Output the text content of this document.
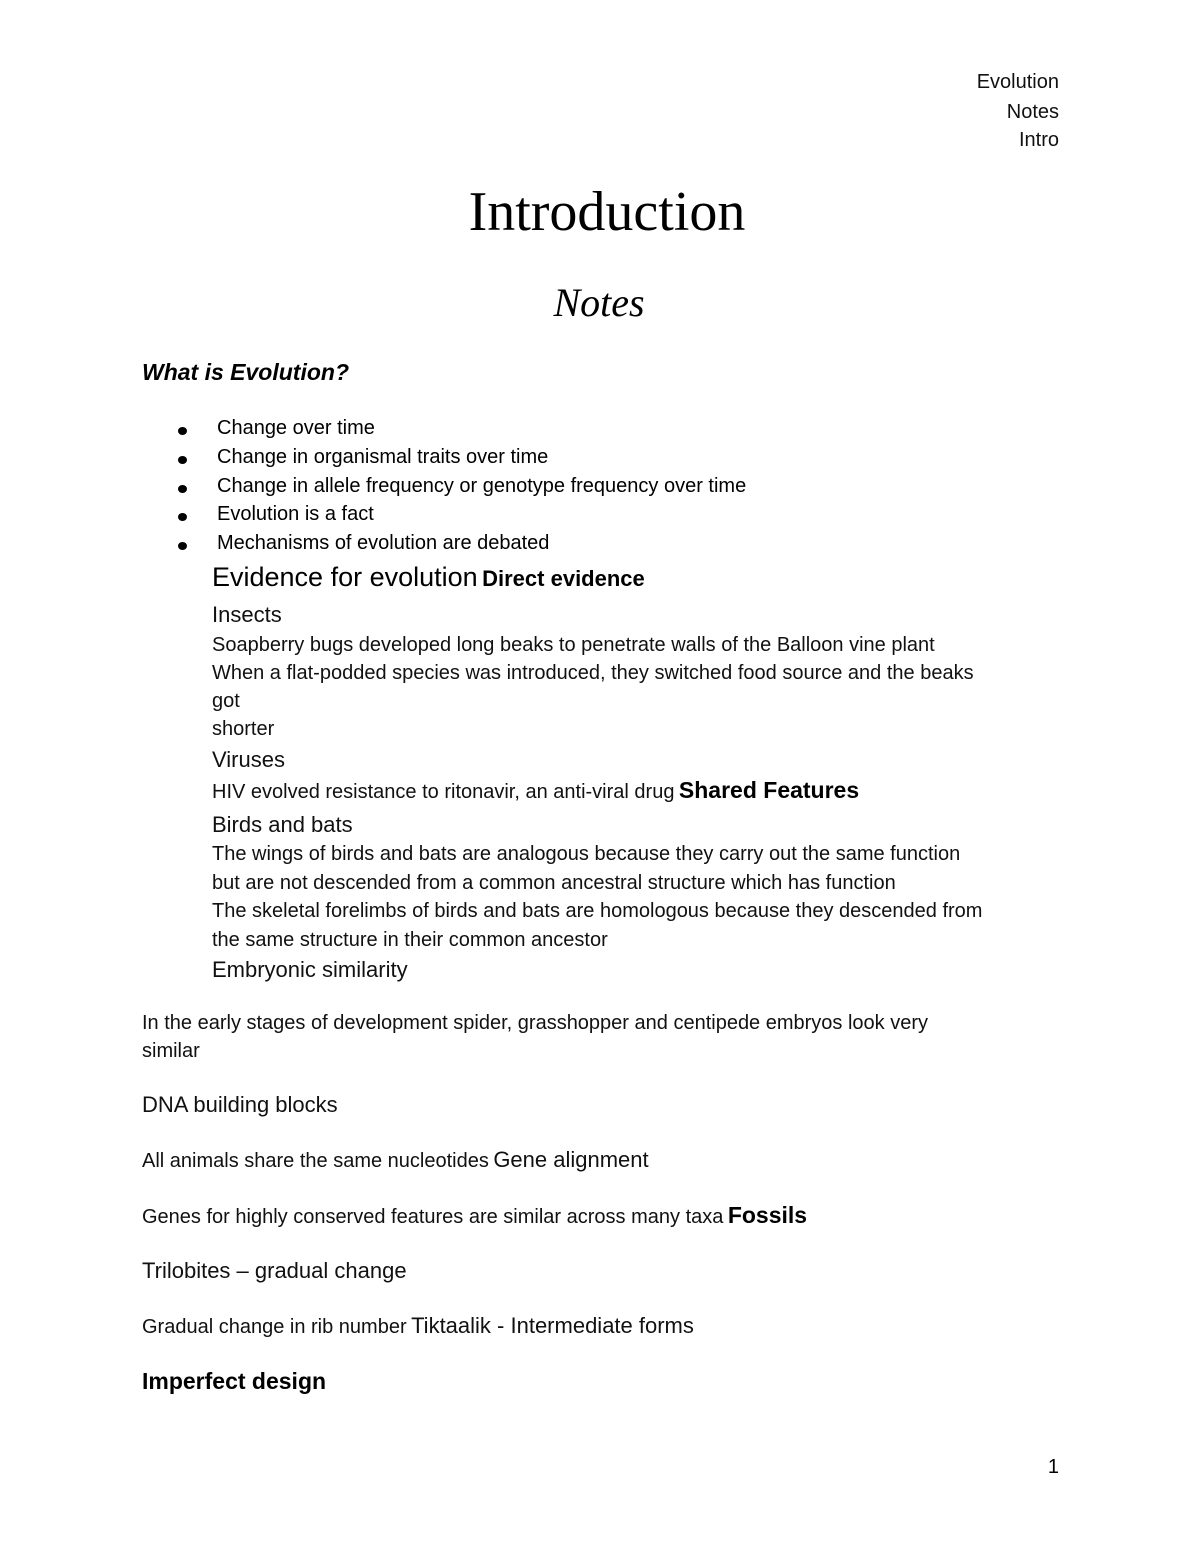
Evolution

Notes

Intro

Introduction
Notes
What is Evolution?
Change over time
Change in organismal traits over time
Change in allele frequency or genotype frequency over time
Evolution is a fact
Mechanisms of evolution are debated
Evidence for evolution Direct evidence

Insects

Soapberry bugs developed long beaks to penetrate walls of the Balloon vine plant

When a flat-podded species was introduced, they switched food source and the beaks

got

shorter

Viruses

HIV evolved resistance to ritonavir, an anti-viral drug Shared Features

Birds and bats

The wings of birds and bats are analogous because they carry out the same function

but are not descended from a common ancestral structure which has function

The skeletal forelimbs of birds and bats are homologous because they descended from

the same structure in their common ancestor

Embryonic similarity

In the early stages of development spider, grasshopper and centipede embryos look very

similar

DNA building blocks

All animals share the same nucleotides Gene alignment
Genes for highly conserved features are similar across many taxa Fossils

Trilobites – gradual change

Gradual change in rib number Tiktaalik - Intermediate forms

Imperfect design

1
